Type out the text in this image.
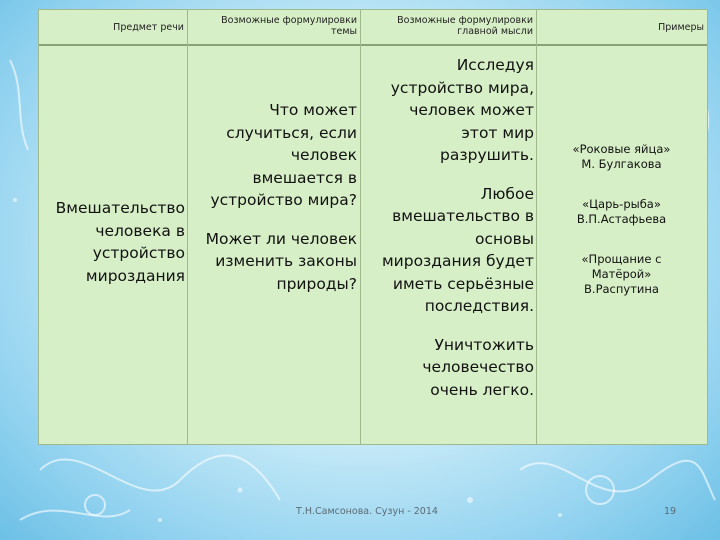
Предмет речи
Возможные формулировки
темы
Возможные формулировки
главной мысли	Примеры
Вмешательство
человека в
устройство
мироздания
Что может
случиться, если
человек
вмешается в
устройство мира?
Может ли человек
изменить законы
природы?
Исследуя
устройство мира,
человек может
этот мир
разрушить.
Любое
вмешательство в
основы
мироздания будет
иметь серьёзные
последствия.
Уничтожить
человечество
очень легко.
«Роковые яйца»
М. Булгакова
«Царь-рыба»
В.П.Астафьева
«Прощание с
Матёрой»
В.Распутина
Т.Н.Самсонова. Сузун - 2014	19
